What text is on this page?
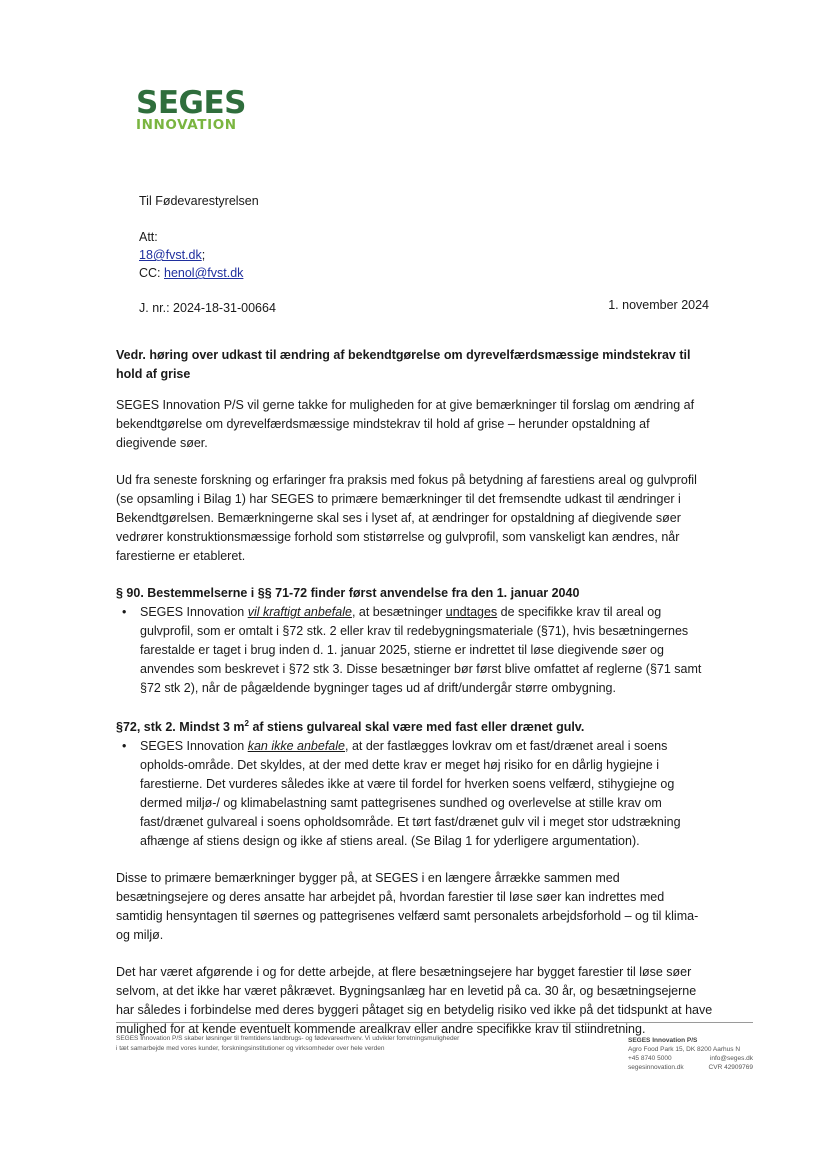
SEGES
INNOVATION
Til Fødevarestyrelsen
Att:
18@fvst.dk;
CC: henol@fvst.dk
J. nr.: 2024-18-31-00664	1. november 2024

Vedr. høring over udkast til ændring af bekendtgørelse om dyrevelfærdsmæssige mindstekrav til hold af grise

SEGES Innovation P/S vil gerne takke for muligheden for at give bemærkninger til forslag om ændring af bekendtgørelse om dyrevelfærdsmæssige mindstekrav til hold af grise – herunder opstaldning af diegivende søer.

Ud fra seneste forskning og erfaringer fra praksis med fokus på betydning af farestiens areal og gulvprofil (se opsamling i Bilag 1) har SEGES to primære bemærkninger til det fremsendte udkast til ændringer i Bekendtgørelsen. Bemærkningerne skal ses i lyset af, at ændringer for opstaldning af diegivende søer vedrører konstruktionsmæssige forhold som stistørrelse og gulvprofil, som vanskeligt kan ændres, når farestierne er etableret.

§ 90. Bestemmelserne i §§ 71-72 finder først anvendelse fra den 1. januar 2040

• SEGES Innovation vil kraftigt anbefale, at besætninger undtages de specifikke krav til areal og gulvprofil, som er omtalt i §72 stk. 2 eller krav til redebygningsmateriale (§71), hvis besætningernes farestalde er taget i brug inden d. 1. januar 2025, stierne er indrettet til løse diegivende søer og anvendes som beskrevet i §72 stk 3. Disse besætninger bør først blive omfattet af reglerne (§71 samt §72 stk 2), når de pågældende bygninger tages ud af drift/undergår større ombygning.

§72, stk 2. Mindst 3 $m^2$ af stiens gulvareal skal være med fast eller drænet gulv.

• SEGES Innovation kan ikke anbefale, at der fastlægges lovkrav om et fast/drænet areal i soens opholds-område. Det skyldes, at der med dette krav er meget høj risiko for en dårlig hygiejne i farestierne. Det vurderes således ikke at være til fordel for hverken soens velfærd, stihygiejne og dermed miljø-/ og klimabelastning samt pattegrisenes sundhed og overlevelse at stille krav om fast/drænet gulvareal i soens opholdsområde. Et tørt fast/drænet gulv vil i meget stor udstrækning afhænge af stiens design og ikke af stiens areal. (Se Bilag 1 for yderligere argumentation).

Disse to primære bemærkninger bygger på, at SEGES i en længere årrække sammen med besætningsejere og deres ansatte har arbejdet på, hvordan farestier til løse søer kan indrettes med samtidig hensyntagen til søernes og pattegrisenes velfærd samt personalets arbejdsforhold – og til klima- og miljø.

Det har været afgørende i og for dette arbejde, at flere besætningsejere har bygget farestier til løse søer selvom, at det ikke har været påkrævet. Bygningsanlæg har en levetid på ca. 30 år, og besætningsejerne har således i forbindelse med deres byggeri påtaget sig en betydelig risiko ved ikke på det tidspunkt at have mulighed for at kende eventuelt kommende arealkrav eller andre specifikke krav til stiindretning.

SEGES Innovation P/S skaber løsninger til fremtidens landbrugs- og fødevareerhverv. Vi udvikler forretningsmuligheder
i tæt samarbejde med vores kunder, forskningsinstitutioner og virksomheder over hele verden
SEGES Innovation P/S
Agro Food Park 15, DK 8200 Aarhus N
+45 8740 5000	info@seges.dk
segesinnovation.dk	CVR 42909769
